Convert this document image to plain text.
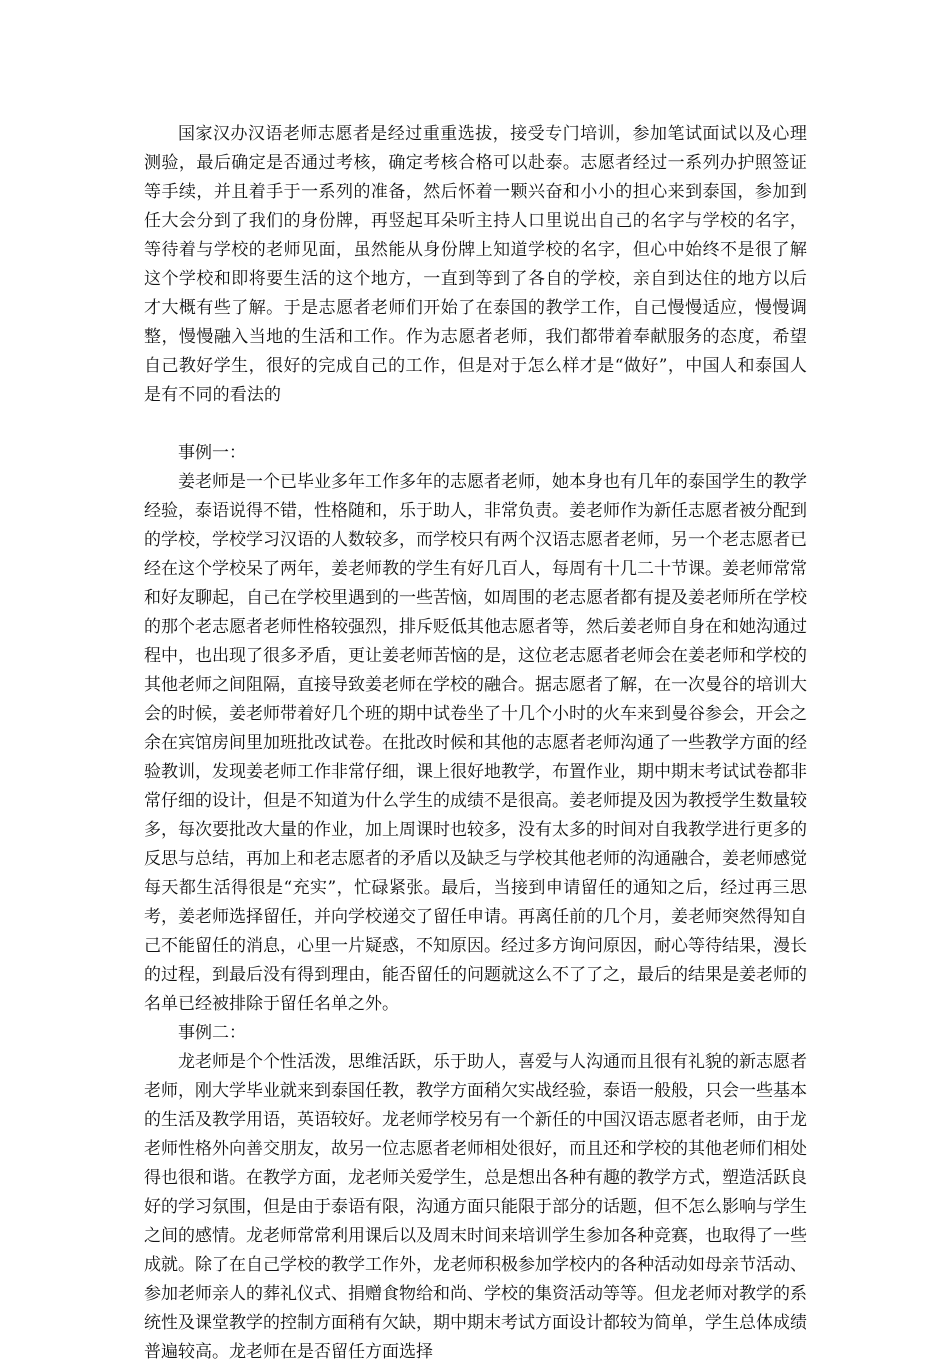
国家汉办汉语老师志愿者是经过重重选拔，接受专门培训，参加笔试面试以及心理测验，最后确定是否通过考核，确定考核合格可以赴泰。志愿者经过一系列办护照签证等手续，并且着手于一系列的准备，然后怀着一颗兴奋和小小的担心来到泰国，参加到任大会分到了我们的身份牌，再竖起耳朵听主持人口里说出自己的名字与学校的名字，等待着与学校的老师见面，虽然能从身份牌上知道学校的名字，但心中始终不是很了解这个学校和即将要生活的这个地方，一直到等到了各自的学校，亲自到达住的地方以后才大概有些了解。于是志愿者老师们开始了在泰国的教学工作，自己慢慢适应，慢慢调整，慢慢融入当地的生活和工作。作为志愿者老师，我们都带着奉献服务的态度，希望自己教好学生，很好的完成自己的工作，但是对于怎么样才是“做好”，中国人和泰国人是有不同的看法的

事例一：

姜老师是一个已毕业多年工作多年的志愿者老师，她本身也有几年的泰国学生的教学经验，泰语说得不错，性格随和，乐于助人，非常负责。姜老师作为新任志愿者被分配到的学校，学校学习汉语的人数较多，而学校只有两个汉语志愿者老师，另一个老志愿者已经在这个学校呆了两年，姜老师教的学生有好几百人，每周有十几二十节课。姜老师常常和好友聊起，自己在学校里遇到的一些苦恼，如周围的老志愿者都有提及姜老师所在学校的那个老志愿者老师性格较强烈，排斥贬低其他志愿者等，然后姜老师自身在和她沟通过程中，也出现了很多矛盾，更让姜老师苦恼的是，这位老志愿者老师会在姜老师和学校的其他老师之间阻隔，直接导致姜老师在学校的融合。据志愿者了解，在一次曼谷的培训大会的时候，姜老师带着好几个班的期中试卷坐了十几个小时的火车来到曼谷参会，开会之余在宾馆房间里加班批改试卷。在批改时候和其他的志愿者老师沟通了一些教学方面的经验教训，发现姜老师工作非常仔细，课上很好地教学，布置作业，期中期末考试试卷都非常仔细的设计，但是不知道为什么学生的成绩不是很高。姜老师提及因为教授学生数量较多，每次要批改大量的作业，加上周课时也较多，没有太多的时间对自我教学进行更多的反思与总结，再加上和老志愿者的矛盾以及缺乏与学校其他老师的沟通融合，姜老师感觉每天都生活得很是“充实”，忙碌紧张。最后，当接到申请留任的通知之后，经过再三思考，姜老师选择留任，并向学校递交了留任申请。再离任前的几个月，姜老师突然得知自己不能留任的消息，心里一片疑惑，不知原因。经过多方询问原因，耐心等待结果，漫长的过程，到最后没有得到理由，能否留任的问题就这么不了了之，最后的结果是姜老师的名单已经被排除于留任名单之外。

事例二：

龙老师是个个性活泼，思维活跃，乐于助人，喜爱与人沟通而且很有礼貌的新志愿者老师，刚大学毕业就来到泰国任教，教学方面稍欠实战经验，泰语一般般，只会一些基本的生活及教学用语，英语较好。龙老师学校另有一个新任的中国汉语志愿者老师，由于龙老师性格外向善交朋友，故另一位志愿者老师相处很好，而且还和学校的其他老师们相处得也很和谐。在教学方面，龙老师关爱学生，总是想出各种有趣的教学方式，塑造活跃良好的学习氛围，但是由于泰语有限，沟通方面只能限于部分的话题，但不怎么影响与学生之间的感情。龙老师常常利用课后以及周末时间来培训学生参加各种竞赛，也取得了一些成就。除了在自己学校的教学工作外，龙老师积极参加学校内的各种活动如母亲节活动、参加老师亲人的葬礼仪式、捐赠食物给和尚、学校的集资活动等等。但龙老师对教学的系统性及课堂教学的控制方面稍有欠缺，期中期末考试方面设计都较为简单，学生总体成绩普遍较高。龙老师在是否留任方面选择
